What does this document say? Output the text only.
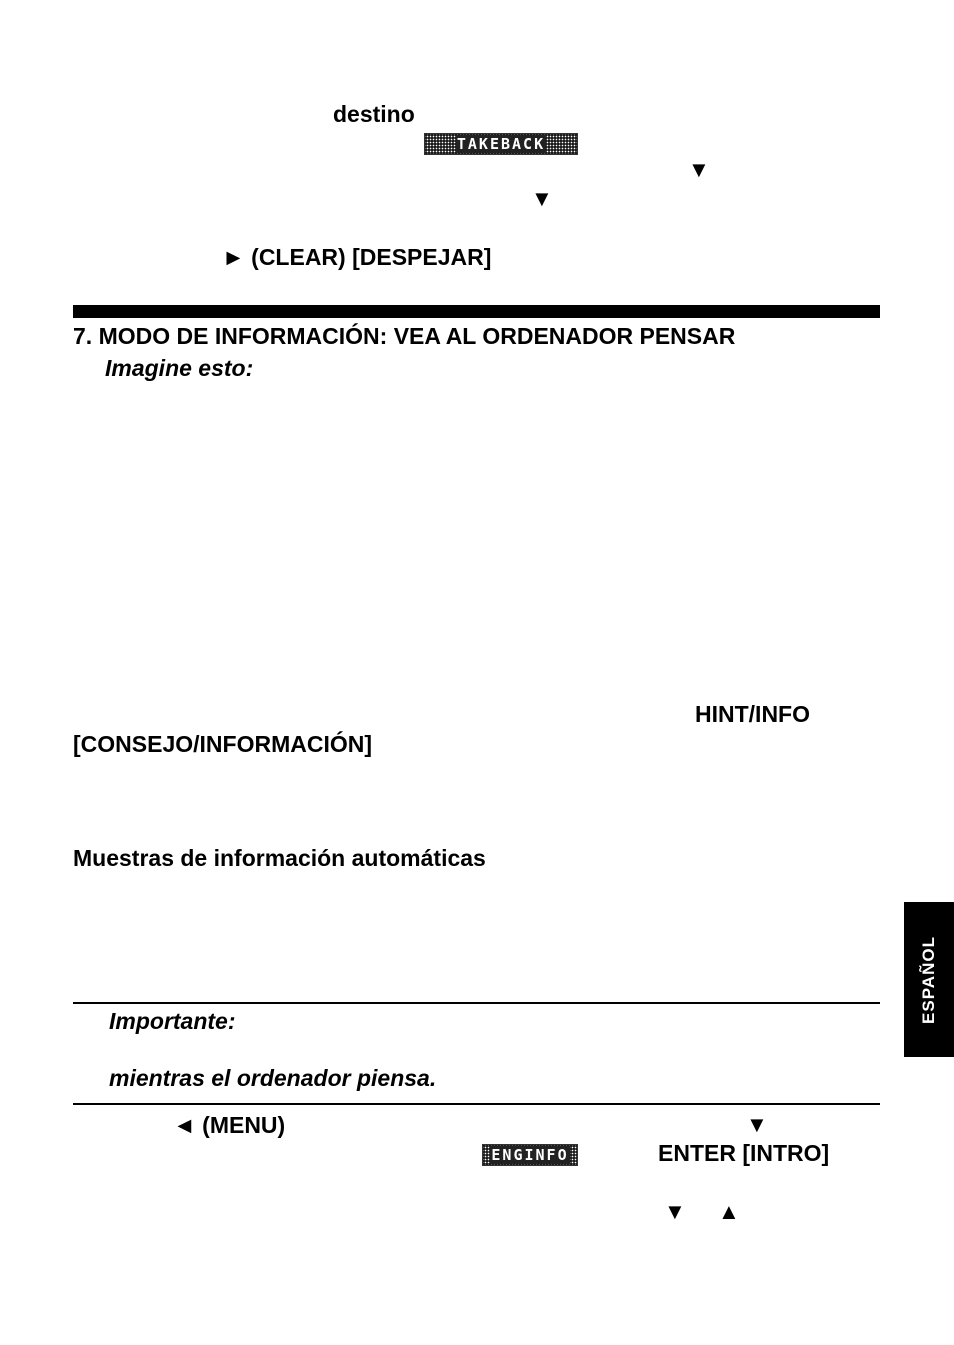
destino
TAKEBACK
▼
▼
► (CLEAR) [DESPEJAR]
7. MODO DE INFORMACIÓN: VEA AL ORDENADOR PENSAR
Imagine esto:
HINT/INFO
[CONSEJO/INFORMACIÓN]
Muestras de información automáticas
Importante:
mientras el ordenador piensa.
◄ (MENU)	▼
ENGINFO	ENTER [INTRO]
▼ ▲
ESPAÑOL
